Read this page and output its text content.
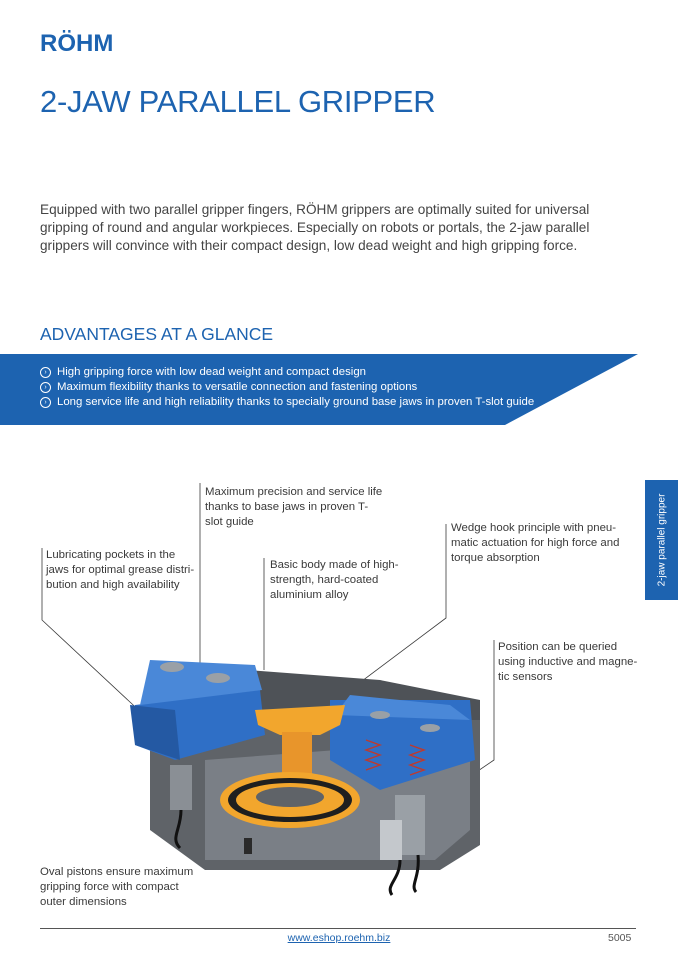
RÖHM
2-JAW PARALLEL GRIPPER

Equipped with two parallel gripper fingers, RÖHM grippers are optimally suited for universal gripping of round and angular workpieces. Especially on robots or portals, the 2-jaw parallel grippers will convince with their compact design, low dead weight and high gripping force.

ADVANTAGES AT A GLANCE
› High gripping force with low dead weight and compact design
› Maximum flexibility thanks to versatile connection and fastening options
› Long service life and high reliability thanks to specially ground base jaws in proven T-slot guide
Maximum precision and service life thanks to base jaws in proven T-slot guide	Wedge hook principle with pneu-matic actuation for high force and torque absorption
Lubricating pockets in the jaws for optimal grease distri-bution and high availability
Basic body made of high-strength, hard-coated aluminium alloy
Position can be queried using inductive and magne-tic sensors
Oval pistons ensure maximum gripping force with compact outer dimensions
2-jaw parallel gripper
www.eshop.roehm.biz	5005
